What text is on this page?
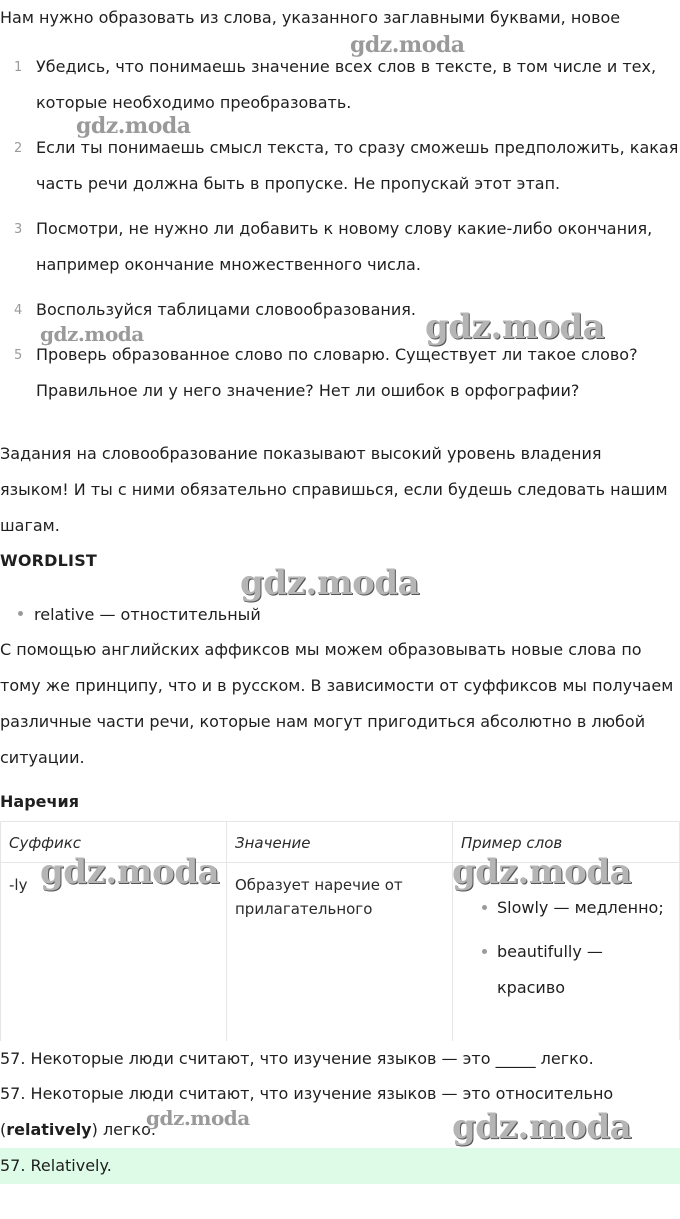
Нам нужно образовать из слова, указанного заглавными буквами, новое
1 Убедись, что понимаешь значение всех слов в тексте, в том числе и тех,
которые необходимо преобразовать.
2 Если ты понимаешь смысл текста, то сразу сможешь предположить, какая
часть речи должна быть в пропуске. Не пропускай этот этап.
3 Посмотри, не нужно ли добавить к новому слову какие-либо окончания,
например окончание множественного числа.
4 Воспользуйся таблицами словообразования.
5 Проверь образованное слово по словарю. Существует ли такое слово?
Правильное ли у него значение? Нет ли ошибок в орфографии?
Задания на словообразование показывают высокий уровень владения
языком! И ты с ними обязательно справишься, если будешь следовать нашим
шагам.
WORDLIST
relative — отностительный
С помощью английских аффиксов мы можем образовывать новые слова по
тому же принципу, что и в русском. В зависимости от суффиксов мы получаем
различные части речи, которые нам могут пригодиться абсолютно в любой
ситуации.
Наречия
Суффикс	Значение	Пример слов
-ly	Образует наречие от
прилагательного	Slowly — медленно;
beautifully —
красиво
57. Некоторые люди считают, что изучение языков — это _____ легко.
57. Некоторые люди считают, что изучение языков — это относительно
(relatively) легко.
57. Relatively.
gdz.moda
gdz.moda
gdz.moda	gdz.moda
gdz.moda
gdz.moda	gdz.moda
gdz.moda	gdz.moda
